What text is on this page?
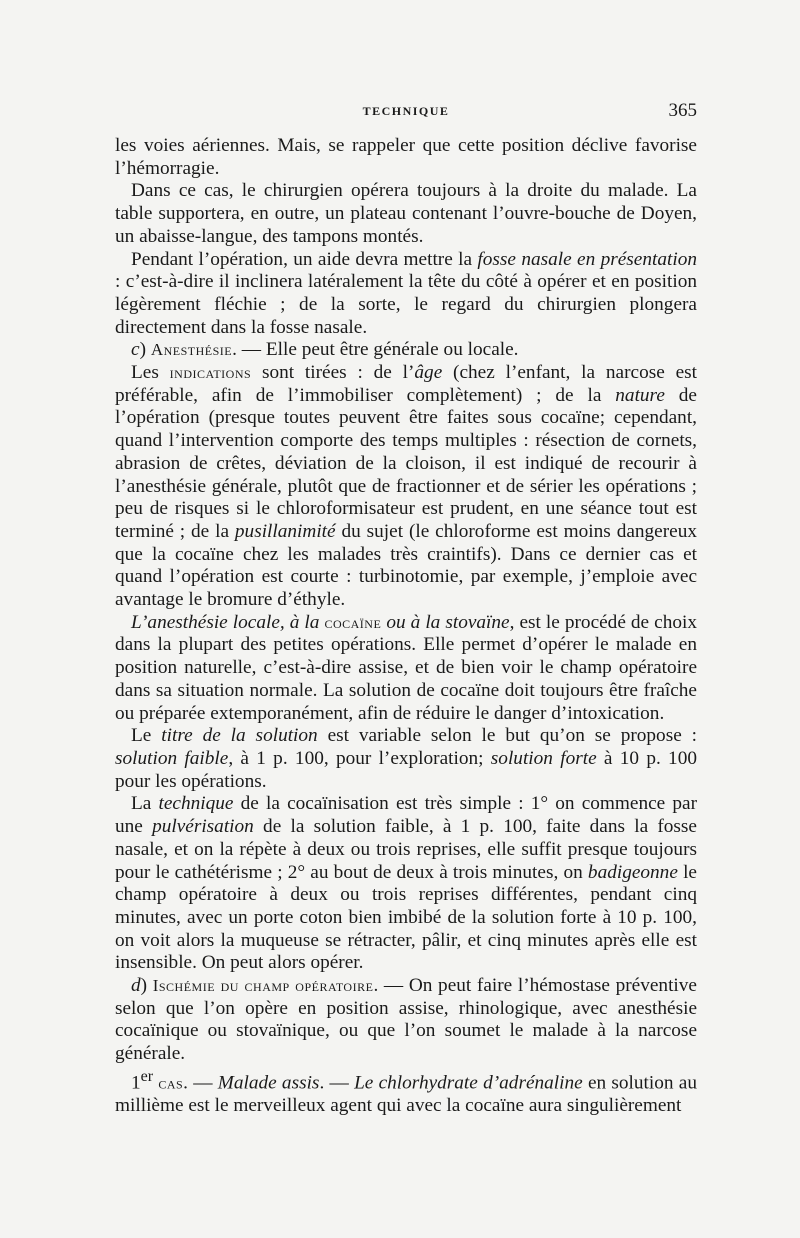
TECHNIQUE	365

les voies aériennes. Mais, se rappeler que cette position déclive favorise l’hémorragie.

Dans ce cas, le chirurgien opérera toujours à la droite du malade. La table supportera, en outre, un plateau contenant l’ouvre-bouche de Doyen, un abaisse-langue, des tampons montés.

Pendant l’opération, un aide devra mettre la fosse nasale en présentation : c’est-à-dire il inclinera latéralement la tête du côté à opérer et en position légèrement fléchie ; de la sorte, le regard du chirurgien plongera directement dans la fosse nasale.

c) Anesthésie. — Elle peut être générale ou locale.

Les indications sont tirées : de l’âge (chez l’enfant, la narcose est préférable, afin de l’immobiliser complètement) ; de la nature de l’opération (presque toutes peuvent être faites sous cocaïne; cependant, quand l’intervention comporte des temps multiples : résection de cornets, abrasion de crêtes, déviation de la cloison, il est indiqué de recourir à l’anesthésie générale, plutôt que de fractionner et de sérier les opérations ; peu de risques si le chloroformisateur est prudent, en une séance tout est terminé ; de la pusillanimité du sujet (le chloroforme est moins dangereux que la cocaïne chez les malades très craintifs). Dans ce dernier cas et quand l’opération est courte : turbinotomie, par exemple, j’emploie avec avantage le bromure d’éthyle.

L’anesthésie locale, à la cocaïne ou à la stovaïne, est le procédé de choix dans la plupart des petites opérations. Elle permet d’opérer le malade en position naturelle, c’est-à-dire assise, et de bien voir le champ opératoire dans sa situation normale. La solution de cocaïne doit toujours être fraîche ou préparée extemporanément, afin de réduire le danger d’intoxication.

Le titre de la solution est variable selon le but qu’on se propose : solution faible, à 1 p. 100, pour l’exploration; solution forte à 10 p. 100 pour les opérations.

La technique de la cocaïnisation est très simple : 1° on commence par une pulvérisation de la solution faible, à 1 p. 100, faite dans la fosse nasale, et on la répète à deux ou trois reprises, elle suffit presque toujours pour le cathétérisme ; 2° au bout de deux à trois minutes, on badigeonne le champ opératoire à deux ou trois reprises différentes, pendant cinq minutes, avec un porte coton bien imbibé de la solution forte à 10 p. 100, on voit alors la muqueuse se rétracter, pâlir, et cinq minutes après elle est insensible. On peut alors opérer.

d) Ischémie du champ opératoire. — On peut faire l’hémostase préventive selon que l’on opère en position assise, rhinologique, avec anesthésie cocaïnique ou stovaïnique, ou que l’on soumet le malade à la narcose générale.

1er cas. — Malade assis. — Le chlorhydrate d’adrénaline en solution au millième est le merveilleux agent qui avec la cocaïne aura singulièrement
